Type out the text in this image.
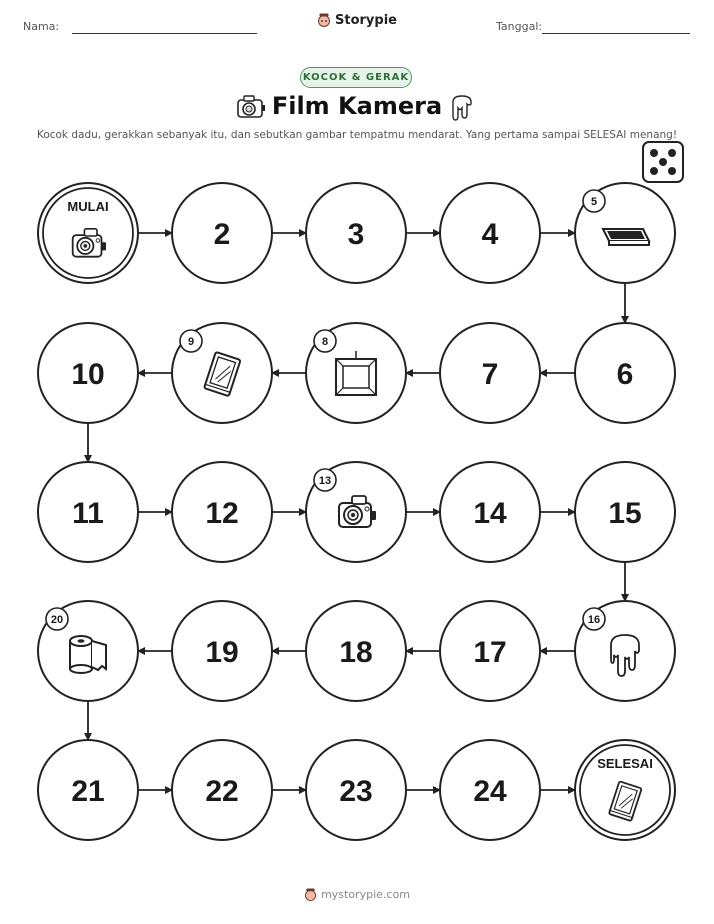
Nama:	Storypie	Tanggal:
KOCOK & GERAK
Film Kamera
Kocok dadu, gerakkan sebanyak itu, dan sebutkan gambar tempatmu mendarat. Yang pertama sampai SELESAI menang!
MULAI
2	3	4
5
6
7
8
9
10
11	12
13
14	15
16
17
18
19
20
21	22	23	24
SELESAI
mystorypie.com
